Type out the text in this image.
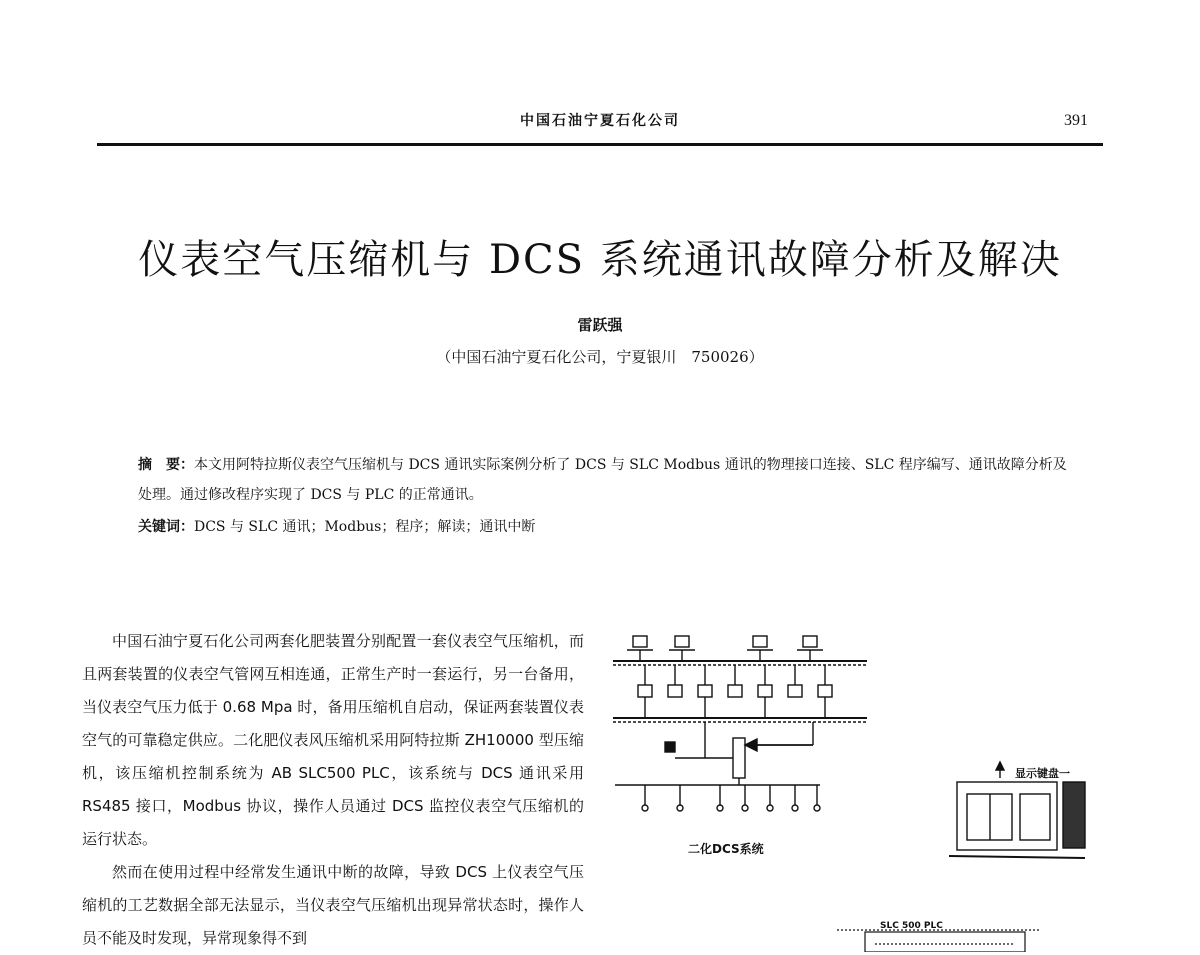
中国石油宁夏石化公司	391
仪表空气压缩机与 DCS 系统通讯故障分析及解决
雷跃强
（中国石油宁夏石化公司，宁夏银川　750026）
摘　要：本文用阿特拉斯仪表空气压缩机与 DCS 通讯实际案例分析了 DCS 与 SLC Modbus 通讯的物理接口连接、SLC 程序编写、通讯故障分析及处理。通过修改程序实现了 DCS 与 PLC 的正常通讯。
关键词：DCS 与 SLC 通讯；Modbus；程序；解读；通讯中断

中国石油宁夏石化公司两套化肥装置分别配置一套仪表空气压缩机，而且两套装置的仪表空气管网互相连通，正常生产时一套运行，另一台备用，当仪表空气压力低于 0.68 Mpa 时，备用压缩机自启动，保证两套装置仪表空气的可靠稳定供应。二化肥仪表风压缩机采用阿特拉斯 ZH10000 型压缩机，该压缩机控制系统为 AB SLC500 PLC，该系统与 DCS 通讯采用 RS485 接口，Modbus 协议，操作人员通过 DCS 监控仪表空气压缩机的运行状态。

然而在使用过程中经常发生通讯中断的故障，导致 DCS 上仪表空气压缩机的工艺数据全部无法显示，当仪表空气压缩机出现异常状态时，操作人员不能及时发现，异常现象得不到

二化DCS系统
显示键盘一
SLC 500 PLC
